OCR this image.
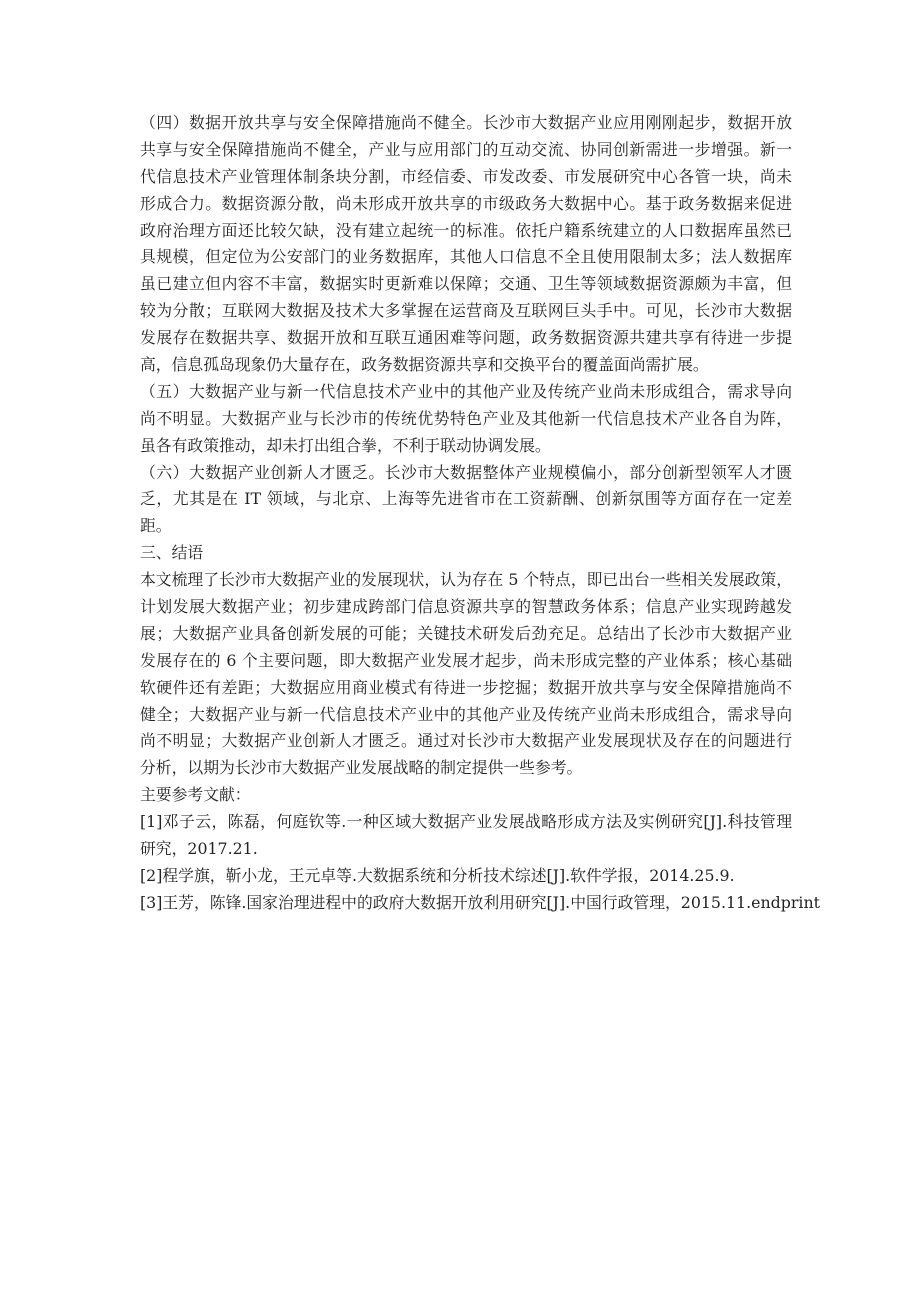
（四）数据开放共享与安全保障措施尚不健全。长沙市大数据产业应用刚刚起步，数据开放
共享与安全保障措施尚不健全，产业与应用部门的互动交流、协同创新需进一步增强。新一
代信息技术产业管理体制条块分割，市经信委、市发改委、市发展研究中心各管一块，尚未
形成合力。数据资源分散，尚未形成开放共享的市级政务大数据中心。基于政务数据来促进
政府治理方面还比较欠缺，没有建立起统一的标准。依托户籍系统建立的人口数据库虽然已
具规模，但定位为公安部门的业务数据库，其他人口信息不全且使用限制太多；法人数据库
虽已建立但内容不丰富，数据实时更新难以保障；交通、卫生等领域数据资源颇为丰富，但
较为分散；互联网大数据及技术大多掌握在运营商及互联网巨头手中。可见，长沙市大数据
发展存在数据共享、数据开放和互联互通困难等问题，政务数据资源共建共享有待进一步提
高，信息孤岛现象仍大量存在，政务数据资源共享和交换平台的覆盖面尚需扩展。
（五）大数据产业与新一代信息技术产业中的其他产业及传统产业尚未形成组合，需求导向
尚不明显。大数据产业与长沙市的传统优势特色产业及其他新一代信息技术产业各自为阵，
虽各有政策推动，却未打出组合拳，不利于联动协调发展。
（六）大数据产业创新人才匮乏。长沙市大数据整体产业规模偏小，部分创新型领军人才匮
乏，尤其是在 IT 领域，与北京、上海等先进省市在工资薪酬、创新氛围等方面存在一定差
距。
三、结语
本文梳理了长沙市大数据产业的发展现状，认为存在 5 个特点，即已出台一些相关发展政策，
计划发展大数据产业；初步建成跨部门信息资源共享的智慧政务体系；信息产业实现跨越发
展；大数据产业具备创新发展的可能；关键技术研发后劲充足。总结出了长沙市大数据产业
发展存在的 6 个主要问题，即大数据产业发展才起步，尚未形成完整的产业体系；核心基础
软硬件还有差距；大数据应用商业模式有待进一步挖掘；数据开放共享与安全保障措施尚不
健全；大数据产业与新一代信息技术产业中的其他产业及传统产业尚未形成组合，需求导向
尚不明显；大数据产业创新人才匮乏。通过对长沙市大数据产业发展现状及存在的问题进行
分析，以期为长沙市大数据产业发展战略的制定提供一些参考。
主要参考文献：
[1]邓子云，陈磊，何庭钦等.一种区域大数据产业发展战略形成方法及实例研究[J].科技管理
研究，2017.21.
[2]程学旗，靳小龙，王元卓等.大数据系统和分析技术综述[J].软件学报，2014.25.9.
[3]王芳，陈锋.国家治理进程中的政府大数据开放利用研究[J].中国行政管理，2015.11.endprint
